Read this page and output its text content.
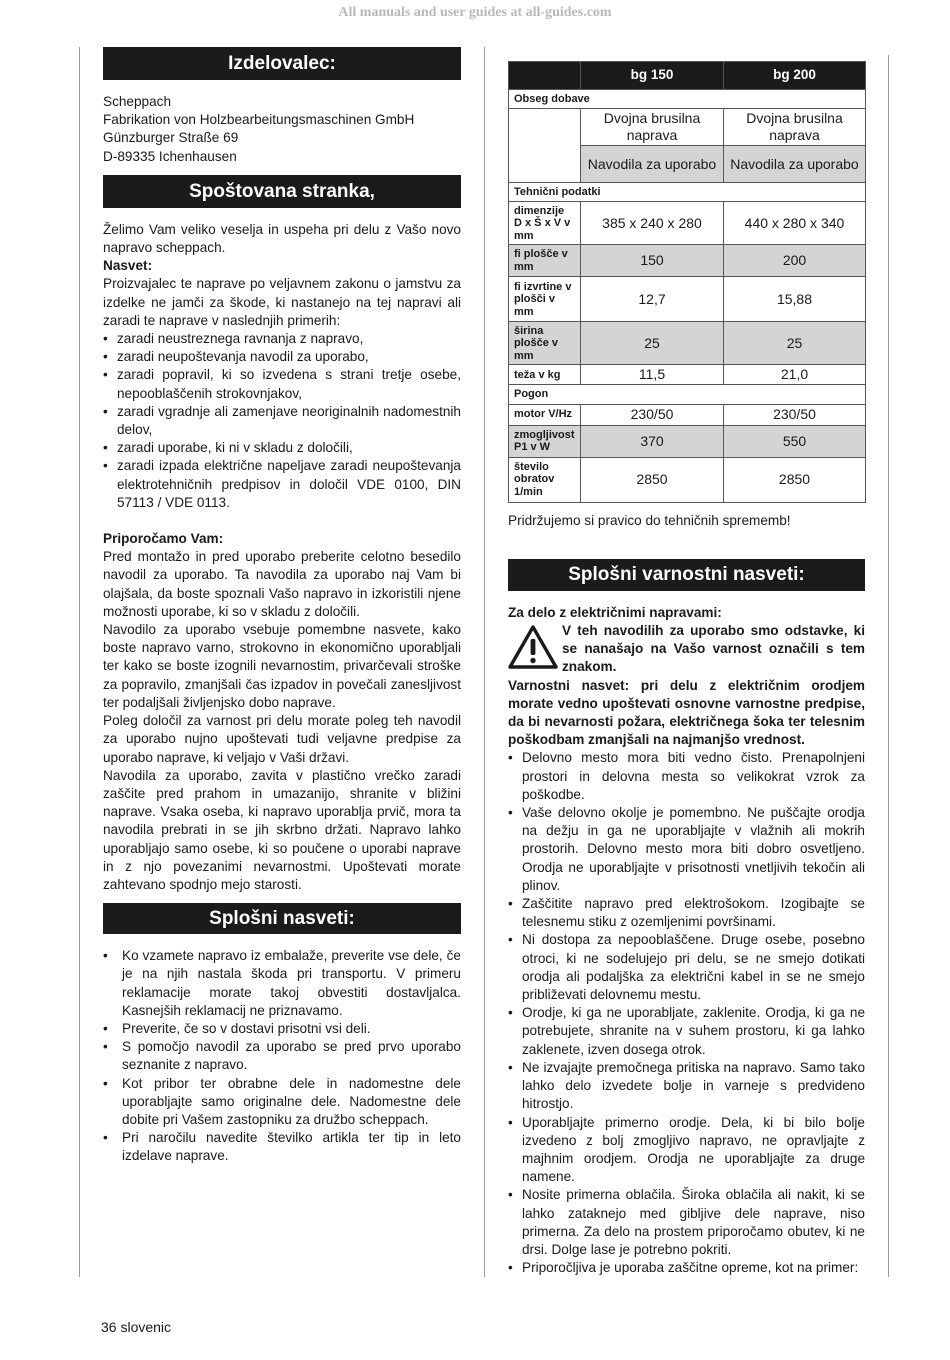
All manuals and user guides at all-guides.com
Izdelovalec:

Scheppach

Fabrikation von Holzbearbeitungsmaschinen GmbH

Günzburger Straße 69

D-89335 Ichenhausen

Spoštovana stranka,

Želimo Vam veliko veselja in uspeha pri delu z Vašo novo napravo scheppach.

Nasvet:

Proizvajalec te naprave po veljavnem zakonu o jamstvu za izdelke ne jamči za škode, ki nastanejo na tej napravi ali zaradi te naprave v naslednjih primerih:

• zaradi neustreznega ravnanja z napravo,
• zaradi neupoštevanja navodil za uporabo,
• zaradi popravil, ki so izvedena s strani tretje osebe, nepooblaščenih strokovnjakov,
• zaradi vgradnje ali zamenjave neoriginalnih nadomestnih delov,
• zaradi uporabe, ki ni v skladu z določili,
• zaradi izpada električne napeljave zaradi neupoštevanja elektrotehničnih predpisov in določil VDE 0100, DIN 57113 / VDE 0113.

Priporočamo Vam:

Pred montažo in pred uporabo preberite celotno besedilo navodil za uporabo. Ta navodila za uporabo naj Vam bi olajšala, da boste spoznali Vašo napravo in izkoristili njene možnosti uporabe, ki so v skladu z določili.

Navodilo za uporabo vsebuje pomembne nasvete, kako boste napravo varno, strokovno in ekonomično uporabljali ter kako se boste izognili nevarnostim, privarčevali stroške za popravilo, zmanjšali čas izpadov in povečali zanesljivost ter podaljšali življenjsko dobo naprave.

Poleg določil za varnost pri delu morate poleg teh navodil za uporabo nujno upoštevati tudi veljavne predpise za uporabo naprave, ki veljajo v Vaši državi.

Navodila za uporabo, zavita v plastično vrečko zaradi zaščite pred prahom in umazanijo, shranite v bližini naprave. Vsaka oseba, ki napravo uporablja prvič, mora ta navodila prebrati in se jih skrbno držati. Napravo lahko uporabljajo samo osebe, ki so poučene o uporabi naprave in z njo povezanimi nevarnostmi. Upoštevati morate zahtevano spodnjo mejo starosti.

Splošni nasveti:
• Ko vzamete napravo iz embalaže, preverite vse dele, če je na njih nastala škoda pri transportu. V primeru reklamacije morate takoj obvestiti dostavljalca. Kasnejših reklamacij ne priznavamo.
• Preverite, če so v dostavi prisotni vsi deli.
• S pomočjo navodil za uporabo se pred prvo uporabo seznanite z napravo.
• Kot pribor ter obrabne dele in nadomestne dele uporabljajte samo originalne dele. Nadomestne dele dobite pri Vašem zastopniku za družbo scheppach.
• Pri naročilu navedite številko artikla ter tip in leto izdelave naprave.
	bg 150	bg 200
Obseg dobave		
	Dvojna brusilna naprava	Dvojna brusilna naprava
	Navodila za uporabo	Navodila za uporabo
Tehnični podatki		
dimenzije D x Š x V v mm	385 x 240 x 280	440 x 280 x 340
fi plošče v mm	150	200
fi izvrtine v plošči v mm	12,7	15,88
širina plošče v mm	25	25
teža v kg	11,5	21,0
Pogon		
motor V/Hz	230/50	230/50
zmogljivost P1 v W	370	550
število obratov 1/min	2850	2850

Pridržujemo si pravico do tehničnih sprememb!

Splošni varnostni nasveti:

Za delo z električnimi napravami:

V teh navodilih za uporabo smo odstavke, ki se nanašajo na Vašo varnost označili s tem znakom.

Varnostni nasvet: pri delu z električnim orodjem morate vedno upoštevati osnovne varnostne predpise, da bi nevarnosti požara, električnega šoka ter telesnim poškodbam zmanjšali na najmanjšo vrednost.

• Delovno mesto mora biti vedno čisto. Prenapolnjeni prostori in delovna mesta so velikokrat vzrok za poškodbe.
• Vaše delovno okolje je pomembno. Ne puščajte orodja na dežju in ga ne uporabljajte v vlažnih ali mokrih prostorih. Delovno mesto mora biti dobro osvetljeno. Orodja ne uporabljajte v prisotnosti vnetljivih tekočin ali plinov.
• Zaščitite napravo pred elektrošokom. Izogibajte se telesnemu stiku z ozemljenimi površinami.
• Ni dostopa za nepooblaščene. Druge osebe, posebno otroci, ki ne sodelujejo pri delu, se ne smejo dotikati orodja ali podaljška za električni kabel in se ne smejo približevati delovnemu mestu.
• Orodje, ki ga ne uporabljate, zaklenite. Orodja, ki ga ne potrebujete, shranite na v suhem prostoru, ki ga lahko zaklenete, izven dosega otrok.
• Ne izvajajte premočnega pritiska na napravo. Samo tako lahko delo izvedete bolje in varneje s predvideno hitrostjo.
• Uporabljajte primerno orodje. Dela, ki bi bilo bolje izvedeno z bolj zmogljivo napravo, ne opravljajte z majhnim orodjem. Orodja ne uporabljajte za druge namene.
• Nosite primerna oblačila. Široka oblačila ali nakit, ki se lahko zataknejo med gibljive dele naprave, niso primerna. Za delo na prostem priporočamo obutev, ki ne drsi. Dolge lase je potrebno pokriti.
• Priporočljiva je uporaba zaščitne opreme, kot na primer:
36 slovenic
